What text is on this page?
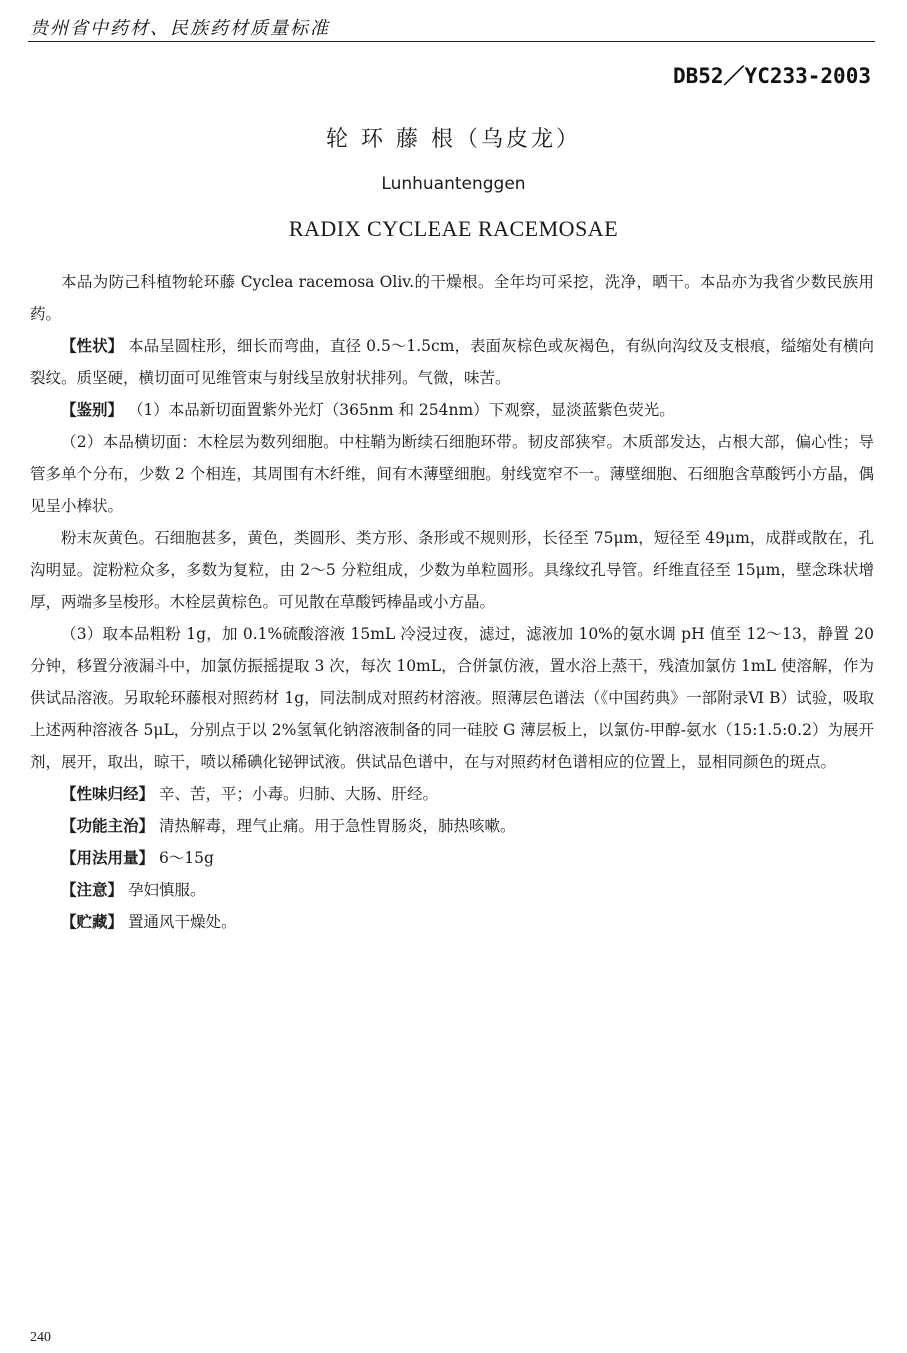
贵州省中药材、民族药材质量标准
DB52／YC233-2003
轮 环 藤 根（乌皮龙）
Lunhuantenggen
RADIX CYCLEAE RACEMOSAE

本品为防己科植物轮环藤 Cyclea racemosa Oliv.的干燥根。全年均可采挖，洗净，晒干。本品亦为我省少数民族用药。

【性状】 本品呈圆柱形，细长而弯曲，直径 0.5～1.5cm，表面灰棕色或灰褐色，有纵向沟纹及支根痕，缢缩处有横向裂纹。质坚硬，横切面可见维管束与射线呈放射状排列。气微，味苦。

【鉴别】 （1）本品新切面置紫外光灯（365nm 和 254nm）下观察，显淡蓝紫色荧光。

（2）本品横切面：木栓层为数列细胞。中柱鞘为断续石细胞环带。韧皮部狭窄。木质部发达，占根大部，偏心性；导管多单个分布，少数 2 个相连，其周围有木纤维，间有木薄壁细胞。射线宽窄不一。薄壁细胞、石细胞含草酸钙小方晶，偶见呈小棒状。

粉末灰黄色。石细胞甚多，黄色，类圆形、类方形、条形或不规则形，长径至 75μm，短径至 49μm，成群或散在，孔沟明显。淀粉粒众多，多数为复粒，由 2～5 分粒组成，少数为单粒圆形。具缘纹孔导管。纤维直径至 15μm，壁念珠状增厚，两端多呈梭形。木栓层黄棕色。可见散在草酸钙棒晶或小方晶。

（3）取本品粗粉 1g，加 0.1%硫酸溶液 15mL 冷浸过夜，滤过，滤液加 10%的氨水调 pH 值至 12～13，静置 20 分钟，移置分液漏斗中，加氯仿振摇提取 3 次，每次 10mL，合併氯仿液，置水浴上蒸干，残渣加氯仿 1mL 使溶解，作为供试品溶液。另取轮环藤根对照药材 1g，同法制成对照药材溶液。照薄层色谱法（《中国药典》一部附录Ⅵ B）试验，吸取上述两种溶液各 5μL，分别点于以 2%氢氧化钠溶液制备的同一硅胶 G 薄层板上，以氯仿-甲醇-氨水（15:1.5:0.2）为展开剂，展开，取出，晾干，喷以稀碘化铋钾试液。供试品色谱中，在与对照药材色谱相应的位置上，显相同颜色的斑点。

【性味归经】 辛、苦，平；小毒。归肺、大肠、肝经。

【功能主治】 清热解毒，理气止痛。用于急性胃肠炎，肺热咳嗽。

【用法用量】 6～15g

【注意】 孕妇慎服。

【贮藏】 置通风干燥处。

240
